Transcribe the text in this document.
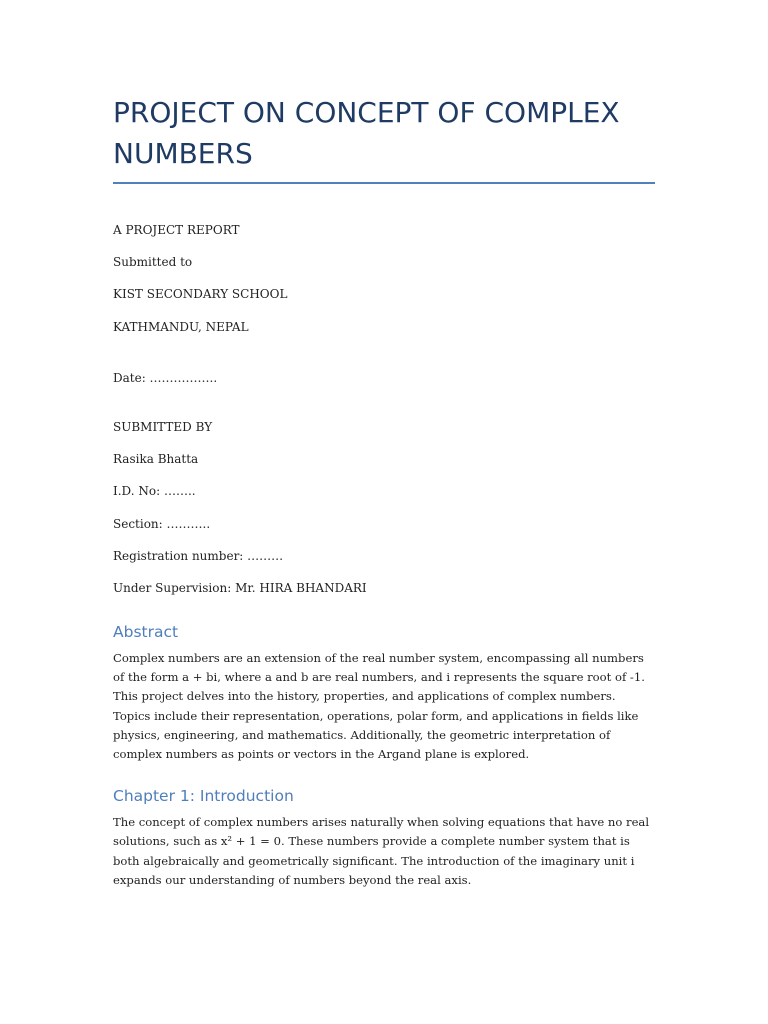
PROJECT ON CONCEPT OF COMPLEX NUMBERS

A PROJECT REPORT

Submitted to

KIST SECONDARY SCHOOL

KATHMANDU, NEPAL

Date: ……………..

SUBMITTED BY

Rasika Bhatta

I.D. No: ……..

Section: ………..

Registration number: ………

Under Supervision: Mr. HIRA BHANDARI

Abstract

Complex numbers are an extension of the real number system, encompassing all numbers of the form a + bi, where a and b are real numbers, and i represents the square root of -1. This project delves into the history, properties, and applications of complex numbers. Topics include their representation, operations, polar form, and applications in fields like physics, engineering, and mathematics. Additionally, the geometric interpretation of complex numbers as points or vectors in the Argand plane is explored.

Chapter 1: Introduction

The concept of complex numbers arises naturally when solving equations that have no real solutions, such as x² + 1 = 0. These numbers provide a complete number system that is both algebraically and geometrically significant. The introduction of the imaginary unit i expands our understanding of numbers beyond the real axis.
